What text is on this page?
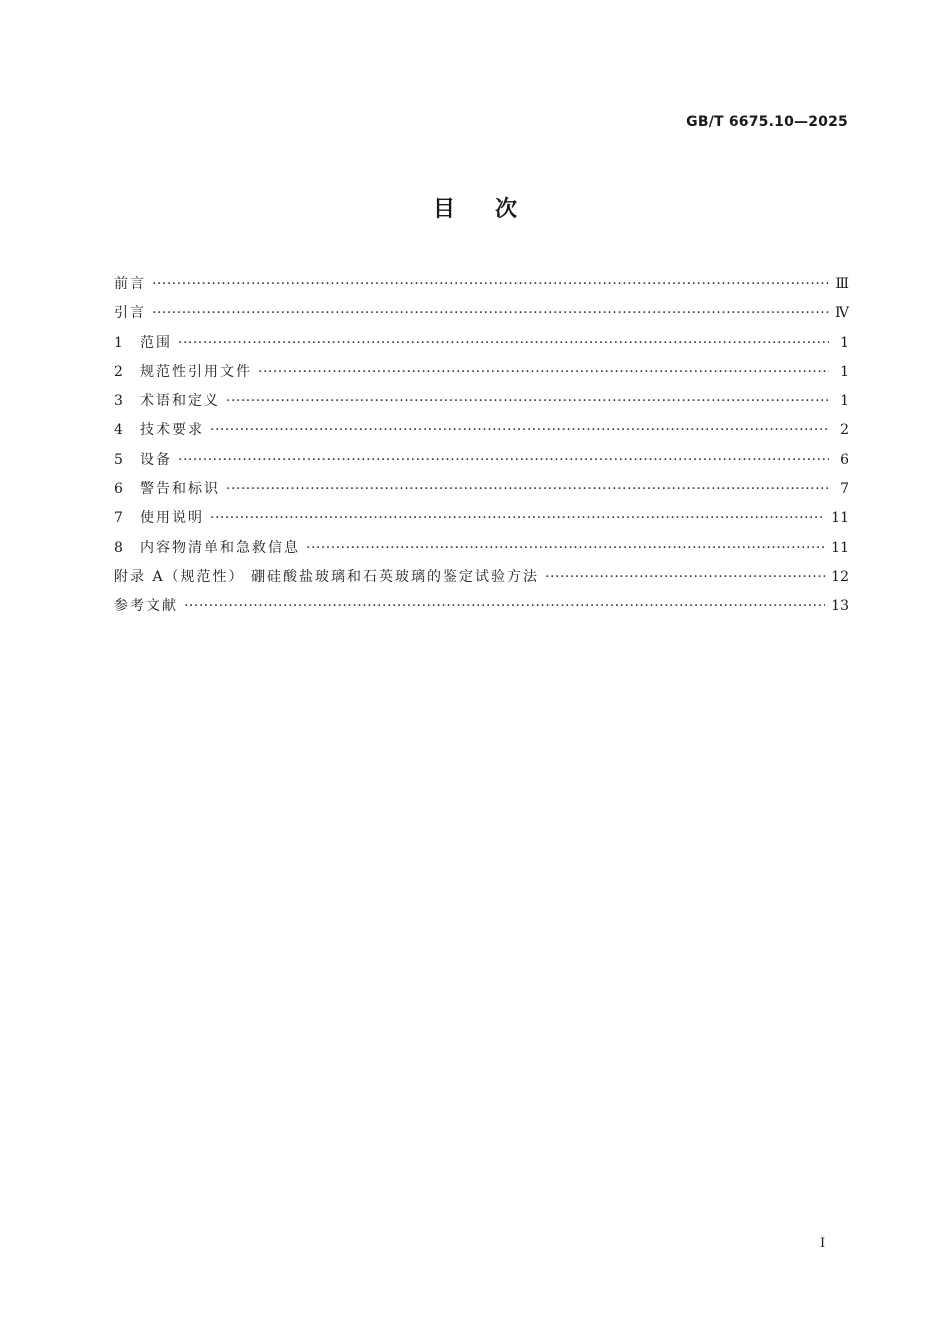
GB/T 6675.10—2025
目次
前言 ·····	Ⅲ
引言 ·····	Ⅳ
1	范围 ·····	1
2	规范性引用文件 ·····	1
3	术语和定义 ·····	1
4	技术要求 ·····	2
5	设备 ·····	6
6	警告和标识 ·····	7
7	使用说明 ·····	11
8	内容物清单和急救信息 ·····	11
附录 A（规范性） 硼硅酸盐玻璃和石英玻璃的鉴定试验方法 ·····	12
参考文献 ·····	13
Ⅰ
